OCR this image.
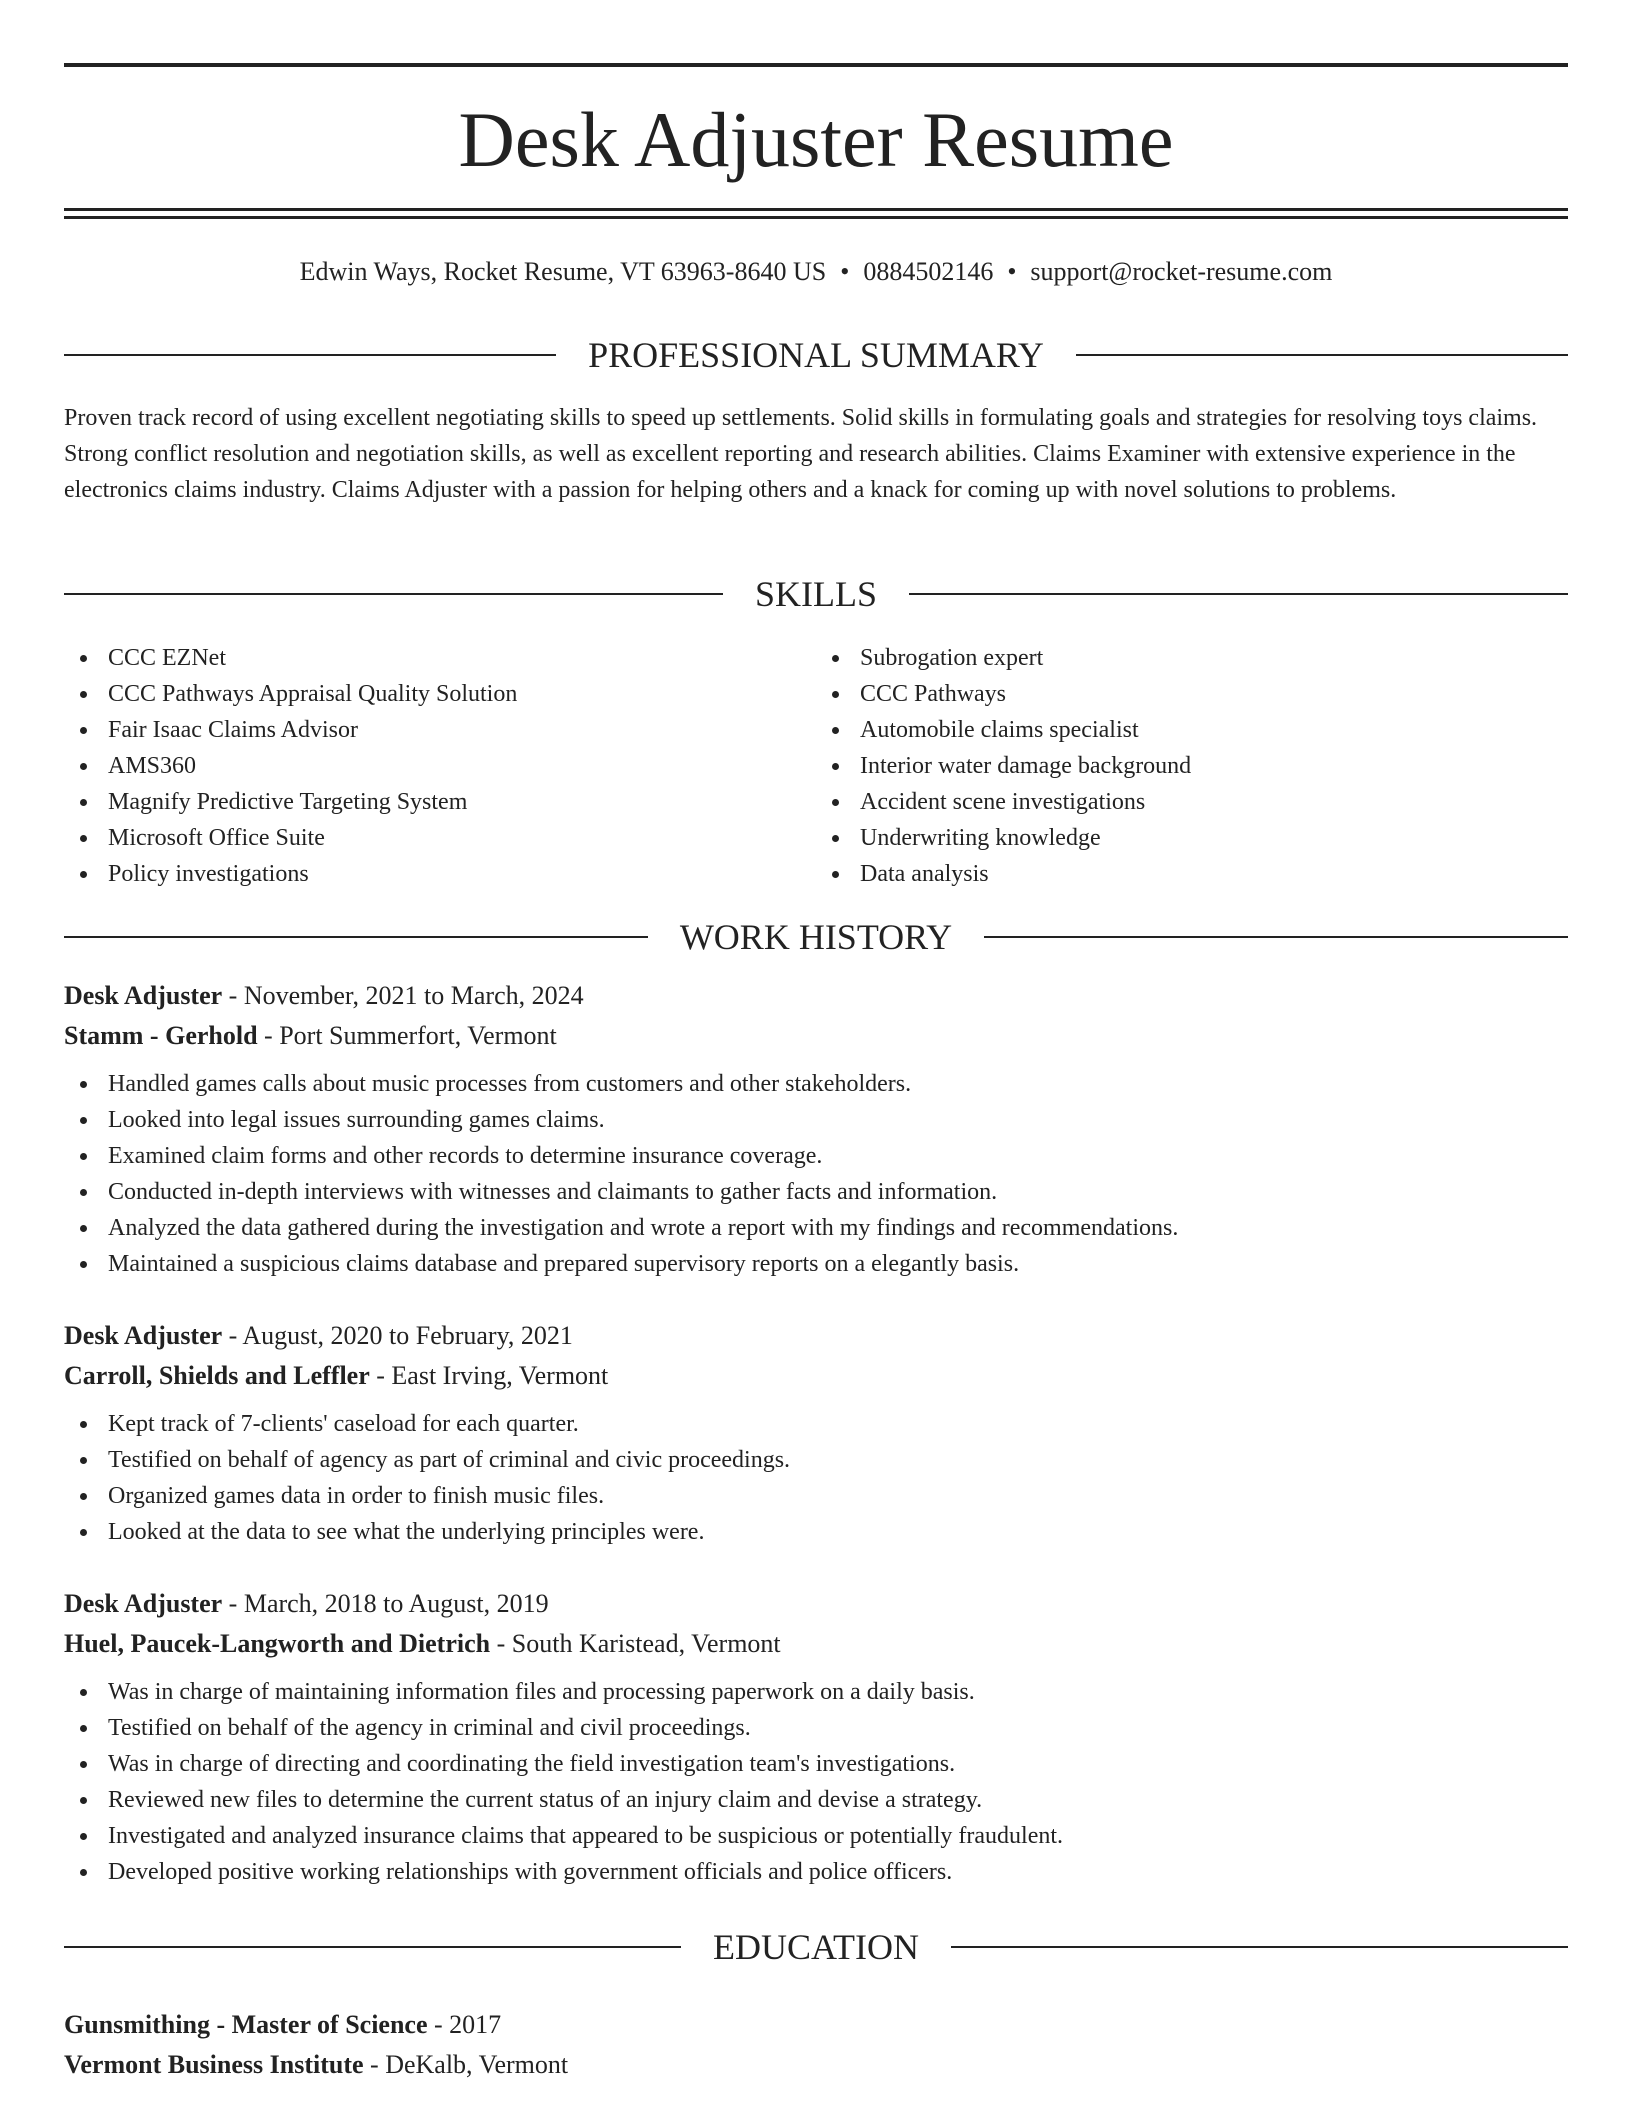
Desk Adjuster Resume
Edwin Ways, Rocket Resume, VT 63963-8640 US • 0884502146 • support@rocket-resume.com
PROFESSIONAL SUMMARY

Proven track record of using excellent negotiating skills to speed up settlements. Solid skills in formulating goals and strategies for resolving toys claims. Strong conflict resolution and negotiation skills, as well as excellent reporting and research abilities. Claims Examiner with extensive experience in the electronics claims industry. Claims Adjuster with a passion for helping others and a knack for coming up with novel solutions to problems.

SKILLS
CCC EZNet
CCC Pathways Appraisal Quality Solution
Fair Isaac Claims Advisor
AMS360
Magnify Predictive Targeting System
Microsoft Office Suite
Policy investigations
Subrogation expert
CCC Pathways
Automobile claims specialist
Interior water damage background
Accident scene investigations
Underwriting knowledge
Data analysis
WORK HISTORY
Desk Adjuster - November, 2021 to March, 2024
Stamm - Gerhold - Port Summerfort, Vermont
Handled games calls about music processes from customers and other stakeholders.
Looked into legal issues surrounding games claims.
Examined claim forms and other records to determine insurance coverage.
Conducted in-depth interviews with witnesses and claimants to gather facts and information.
Analyzed the data gathered during the investigation and wrote a report with my findings and recommendations.
Maintained a suspicious claims database and prepared supervisory reports on a elegantly basis.
Desk Adjuster - August, 2020 to February, 2021
Carroll, Shields and Leffler - East Irving, Vermont
Kept track of 7-clients' caseload for each quarter.
Testified on behalf of agency as part of criminal and civic proceedings.
Organized games data in order to finish music files.
Looked at the data to see what the underlying principles were.
Desk Adjuster - March, 2018 to August, 2019
Huel, Paucek-Langworth and Dietrich - South Karistead, Vermont
Was in charge of maintaining information files and processing paperwork on a daily basis.
Testified on behalf of the agency in criminal and civil proceedings.
Was in charge of directing and coordinating the field investigation team's investigations.
Reviewed new files to determine the current status of an injury claim and devise a strategy.
Investigated and analyzed insurance claims that appeared to be suspicious or potentially fraudulent.
Developed positive working relationships with government officials and police officers.
EDUCATION
Gunsmithing - Master of Science - 2017
Vermont Business Institute - DeKalb, Vermont
